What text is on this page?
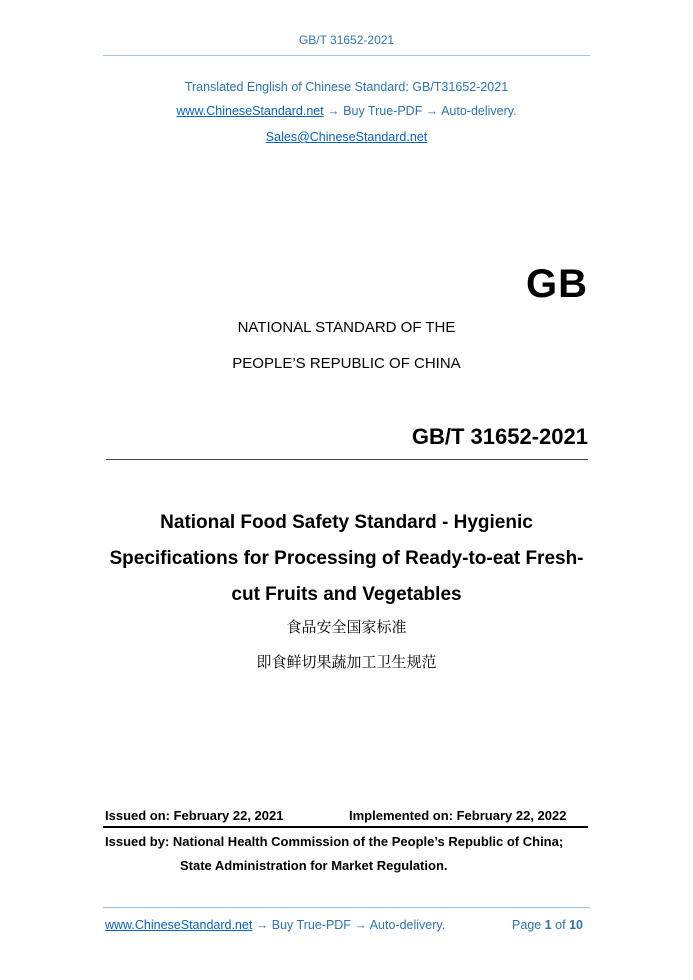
GB/T 31652-2021
Translated English of Chinese Standard: GB/T31652-2021
www.ChineseStandard.net → Buy True-PDF → Auto-delivery.
Sales@ChineseStandard.net
GB
NATIONAL STANDARD OF THE
PEOPLE’S REPUBLIC OF CHINA
GB/T 31652-2021
National Food Safety Standard - Hygienic
Specifications for Processing of Ready-to-eat Fresh-
cut Fruits and Vegetables
食品安全国家标准
即食鲜切果蔬加工卫生规范
Issued on: February 22, 2021	Implemented on: February 22, 2022
Issued by: National Health Commission of the People’s Republic of China;
State Administration for Market Regulation.
www.ChineseStandard.net → Buy True-PDF → Auto-delivery.	Page 1 of 10
